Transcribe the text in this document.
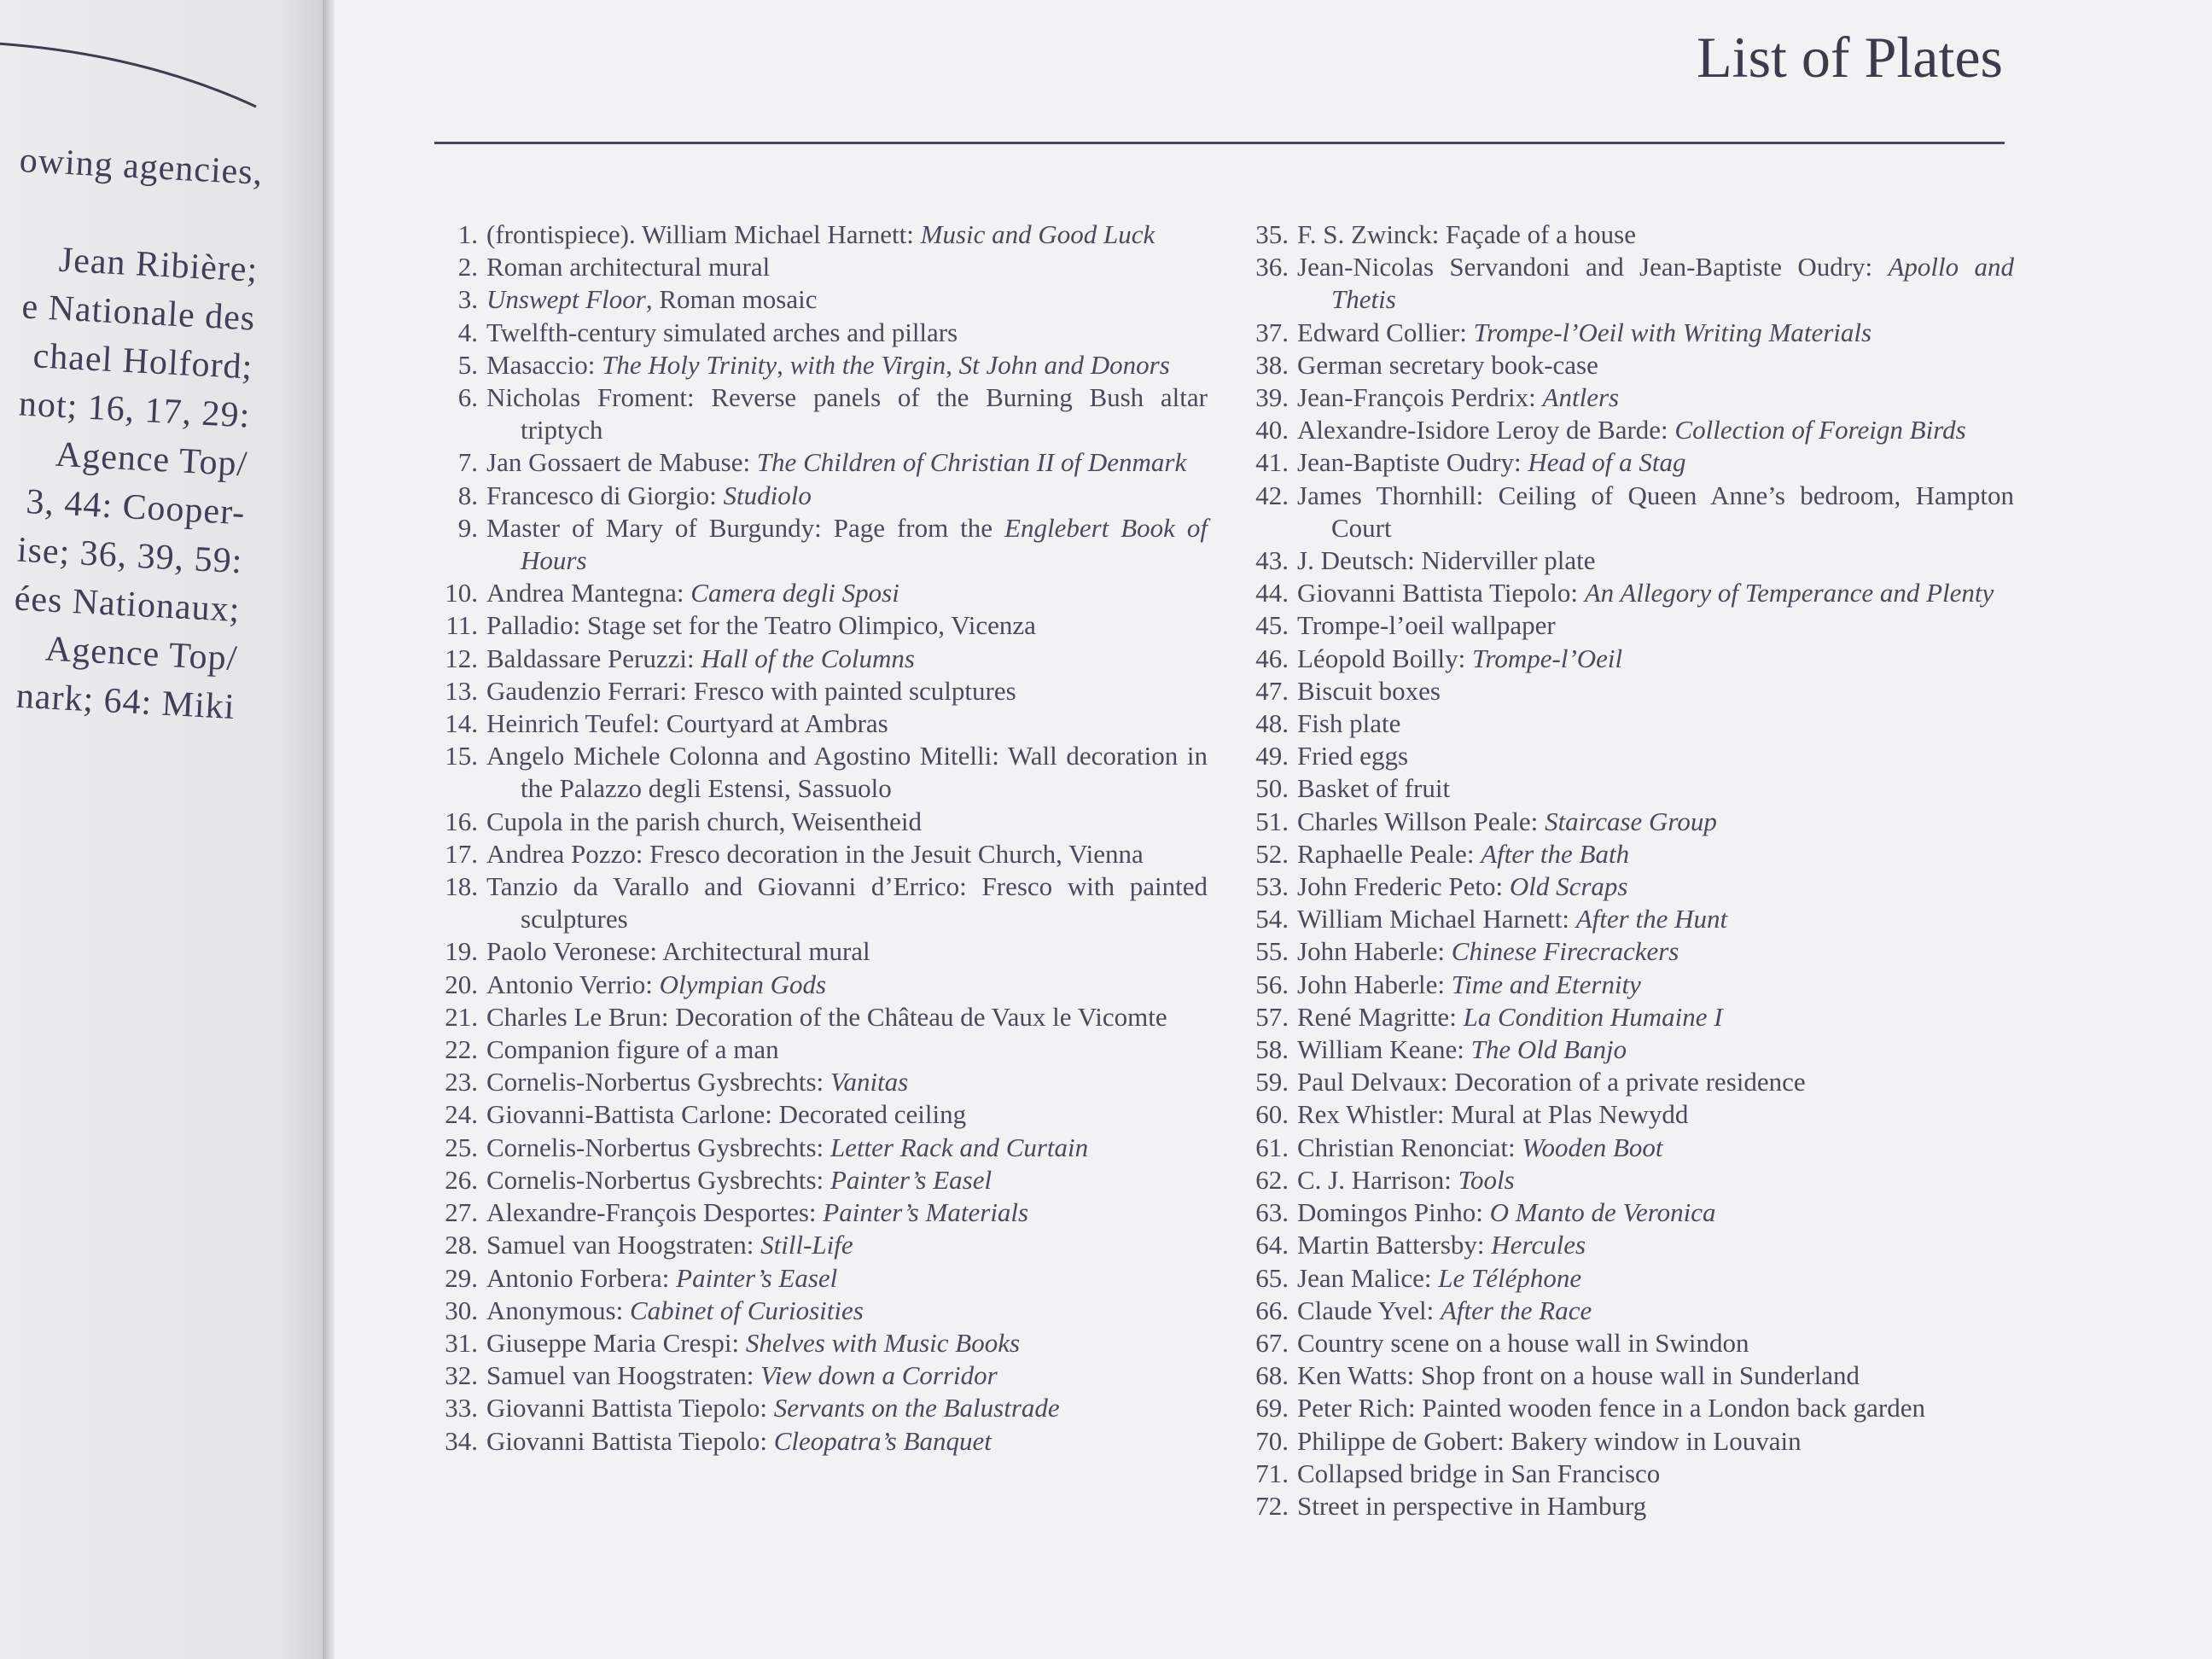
owing agencies,

Jean Ribière;
e Nationale des
chael Holford;
not; 16, 17, 29:
Agence Top/
3, 44: Cooper-
ise; 36, 39, 59:
ées Nationaux;
Agence Top/
nark; 64: Miki
List of Plates
1. (frontispiece). William Michael Harnett: Music and Good Luck
2. Roman architectural mural
3. Unswept Floor, Roman mosaic
4. Twelfth-century simulated arches and pillars
5. Masaccio: The Holy Trinity, with the Virgin, St John and Donors
6. Nicholas Froment: Reverse panels of the Burning Bush altar triptych
7. Jan Gossaert de Mabuse: The Children of Christian II of Denmark
8. Francesco di Giorgio: Studiolo
9. Master of Mary of Burgundy: Page from the Englebert Book of Hours
10. Andrea Mantegna: Camera degli Sposi
11. Palladio: Stage set for the Teatro Olimpico, Vicenza
12. Baldassare Peruzzi: Hall of the Columns
13. Gaudenzio Ferrari: Fresco with painted sculptures
14. Heinrich Teufel: Courtyard at Ambras
15. Angelo Michele Colonna and Agostino Mitelli: Wall decoration in the Palazzo degli Estensi, Sassuolo
16. Cupola in the parish church, Weisentheid
17. Andrea Pozzo: Fresco decoration in the Jesuit Church, Vienna
18. Tanzio da Varallo and Giovanni d’Errico: Fresco with painted sculptures
19. Paolo Veronese: Architectural mural
20. Antonio Verrio: Olympian Gods
21. Charles Le Brun: Decoration of the Château de Vaux le Vicomte
22. Companion figure of a man
23. Cornelis-Norbertus Gysbrechts: Vanitas
24. Giovanni-Battista Carlone: Decorated ceiling
25. Cornelis-Norbertus Gysbrechts: Letter Rack and Curtain
26. Cornelis-Norbertus Gysbrechts: Painter’s Easel
27. Alexandre-François Desportes: Painter’s Materials
28. Samuel van Hoogstraten: Still-Life
29. Antonio Forbera: Painter’s Easel
30. Anonymous: Cabinet of Curiosities
31. Giuseppe Maria Crespi: Shelves with Music Books
32. Samuel van Hoogstraten: View down a Corridor
33. Giovanni Battista Tiepolo: Servants on the Balustrade
34. Giovanni Battista Tiepolo: Cleopatra’s Banquet
35. F. S. Zwinck: Façade of a house
36. Jean-Nicolas Servandoni and Jean-Baptiste Oudry: Apollo and Thetis
37. Edward Collier: Trompe-l’Oeil with Writing Materials
38. German secretary book-case
39. Jean-François Perdrix: Antlers
40. Alexandre-Isidore Leroy de Barde: Collection of Foreign Birds
41. Jean-Baptiste Oudry: Head of a Stag
42. James Thornhill: Ceiling of Queen Anne’s bedroom, Hampton Court
43. J. Deutsch: Niderviller plate
44. Giovanni Battista Tiepolo: An Allegory of Temperance and Plenty
45. Trompe-l’oeil wallpaper
46. Léopold Boilly: Trompe-l’Oeil
47. Biscuit boxes
48. Fish plate
49. Fried eggs
50. Basket of fruit
51. Charles Willson Peale: Staircase Group
52. Raphaelle Peale: After the Bath
53. John Frederic Peto: Old Scraps
54. William Michael Harnett: After the Hunt
55. John Haberle: Chinese Firecrackers
56. John Haberle: Time and Eternity
57. René Magritte: La Condition Humaine I
58. William Keane: The Old Banjo
59. Paul Delvaux: Decoration of a private residence
60. Rex Whistler: Mural at Plas Newydd
61. Christian Renonciat: Wooden Boot
62. C. J. Harrison: Tools
63. Domingos Pinho: O Manto de Veronica
64. Martin Battersby: Hercules
65. Jean Malice: Le Téléphone
66. Claude Yvel: After the Race
67. Country scene on a house wall in Swindon
68. Ken Watts: Shop front on a house wall in Sunderland
69. Peter Rich: Painted wooden fence in a London back garden
70. Philippe de Gobert: Bakery window in Louvain
71. Collapsed bridge in San Francisco
72. Street in perspective in Hamburg
